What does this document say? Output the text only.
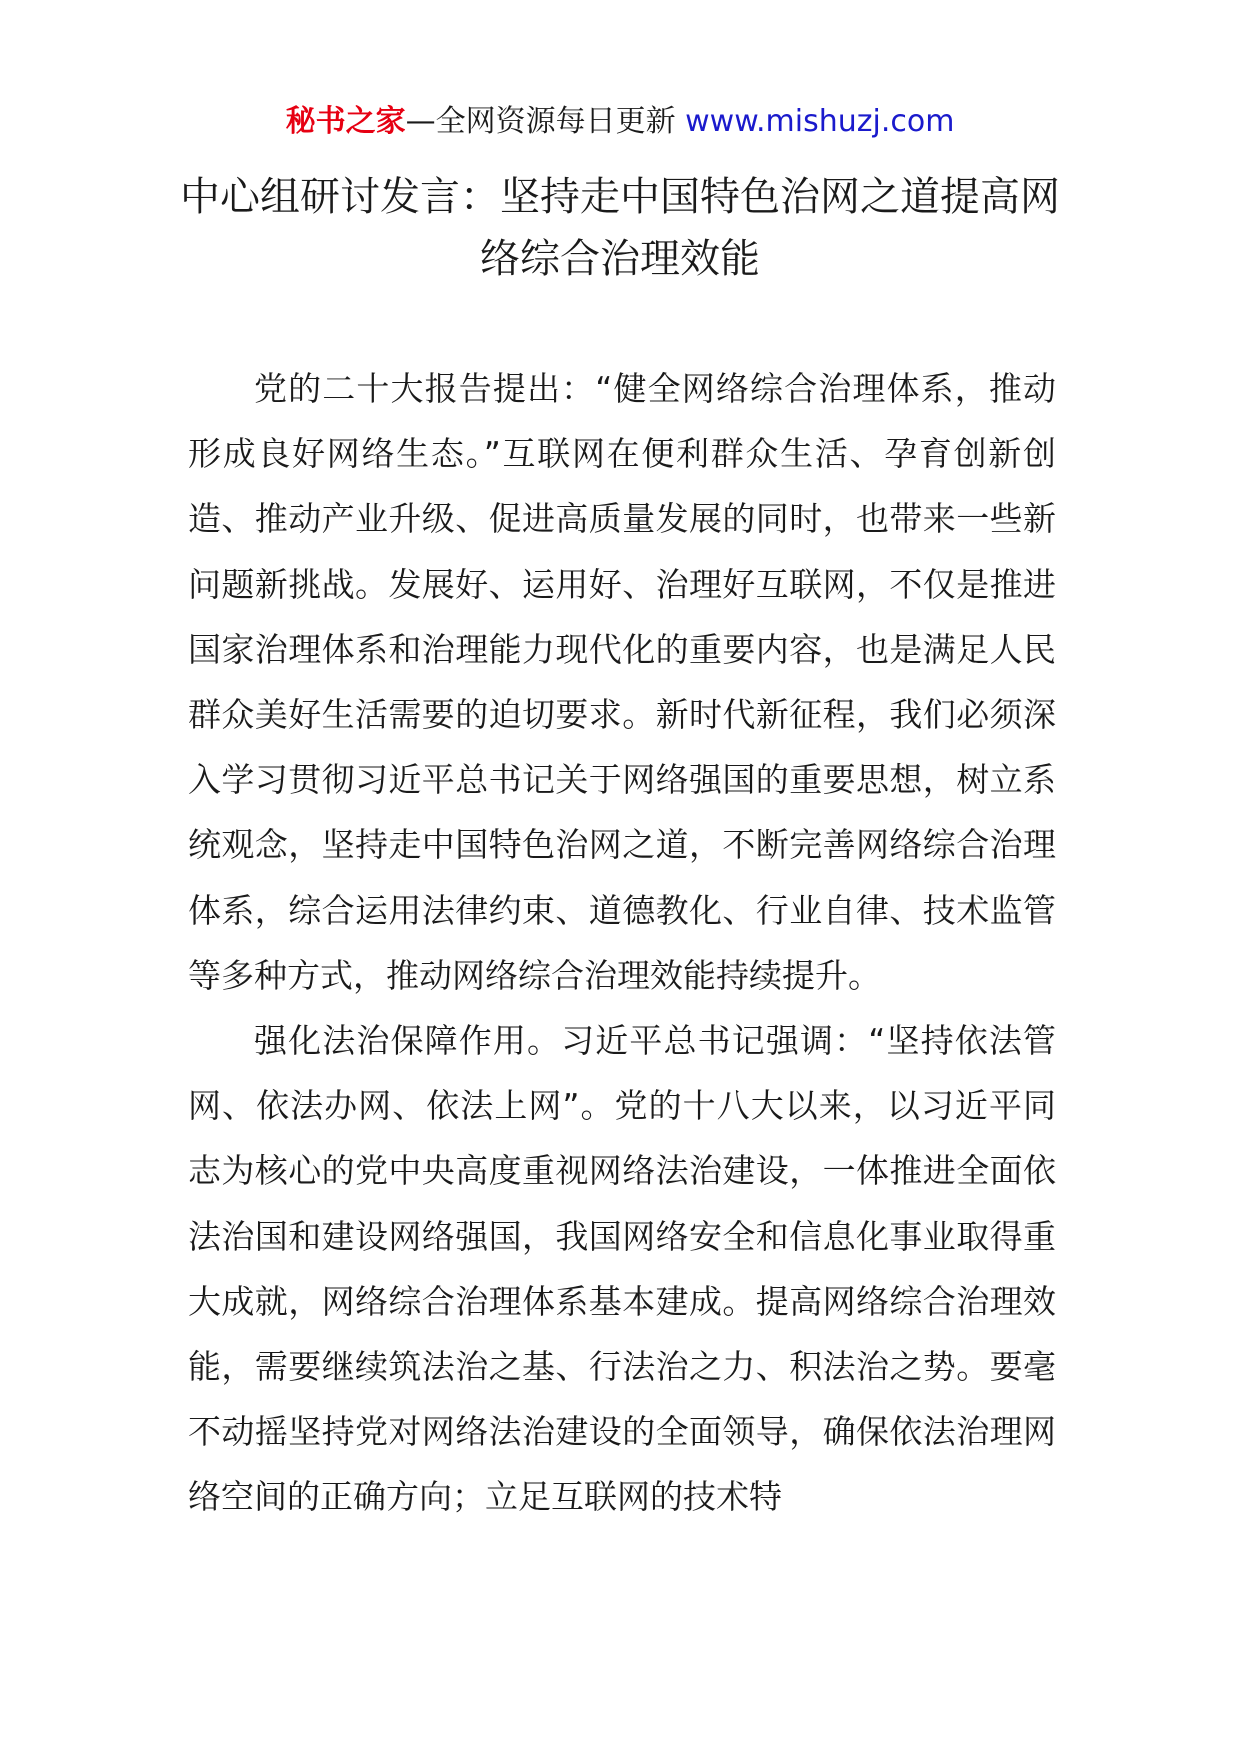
秘书之家—全网资源每日更新 www.mishuzj.com
中心组研讨发言：坚持走中国特色治网之道提高网络综合治理效能

党的二十大报告提出：“健全网络综合治理体系，推动形成良好网络生态。”互联网在便利群众生活、孕育创新创造、推动产业升级、促进高质量发展的同时，也带来一些新问题新挑战。发展好、运用好、治理好互联网，不仅是推进国家治理体系和治理能力现代化的重要内容，也是满足人民群众美好生活需要的迫切要求。新时代新征程，我们必须深入学习贯彻习近平总书记关于网络强国的重要思想，树立系统观念，坚持走中国特色治网之道，不断完善网络综合治理体系，综合运用法律约束、道德教化、行业自律、技术监管等多种方式，推动网络综合治理效能持续提升。

强化法治保障作用。习近平总书记强调：“坚持依法管网、依法办网、依法上网”。党的十八大以来，以习近平同志为核心的党中央高度重视网络法治建设，一体推进全面依法治国和建设网络强国，我国网络安全和信息化事业取得重大成就，网络综合治理体系基本建成。提高网络综合治理效能，需要继续筑法治之基、行法治之力、积法治之势。要毫不动摇坚持党对网络法治建设的全面领导，确保依法治理网络空间的正确方向；立足互联网的技术特
